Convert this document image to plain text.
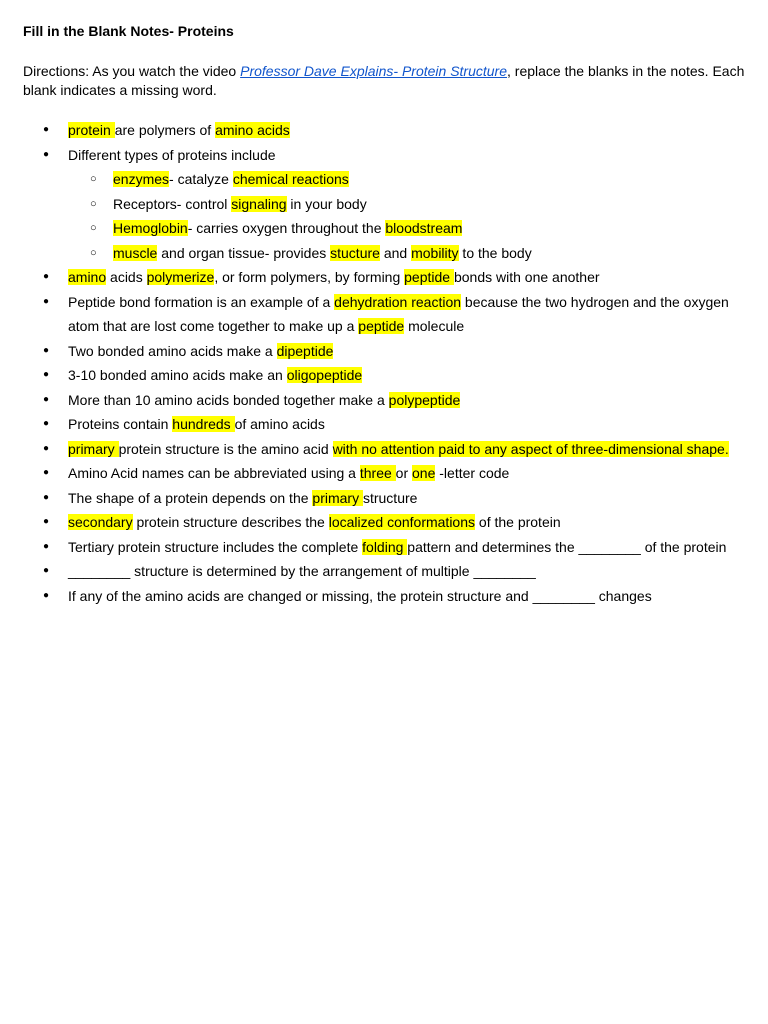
Fill in the Blank Notes- Proteins

Directions: As you watch the video Professor Dave Explains- Protein Structure, replace the blanks in the notes. Each blank indicates a missing word.

● protein are polymers of amino acids
● Different types of proteins include
○ enzymes- catalyze chemical reactions
○ Receptors- control signaling in your body
○ Hemoglobin- carries oxygen throughout the bloodstream
○ muscle and organ tissue- provides stucture and mobility to the body
● amino acids polymerize, or form polymers, by forming peptide bonds with one another
● Peptide bond formation is an example of a dehydration reaction because the two hydrogen and the oxygen atom that are lost come together to make up a peptide molecule
● Two bonded amino acids make a dipeptide
● 3-10 bonded amino acids make an oligopeptide
● More than 10 amino acids bonded together make a polypeptide
● Proteins contain hundreds of amino acids
● primary protein structure is the amino acid with no attention paid to any aspect of three-dimensional shape.
● Amino Acid names can be abbreviated using a three or one -letter code
● The shape of a protein depends on the primary structure
● secondary protein structure describes the localized conformations of the protein
● Tertiary protein structure includes the complete folding pattern and determines the ________ of the protein
● ________ structure is determined by the arrangement of multiple ________
● If any of the amino acids are changed or missing, the protein structure and ________ changes
